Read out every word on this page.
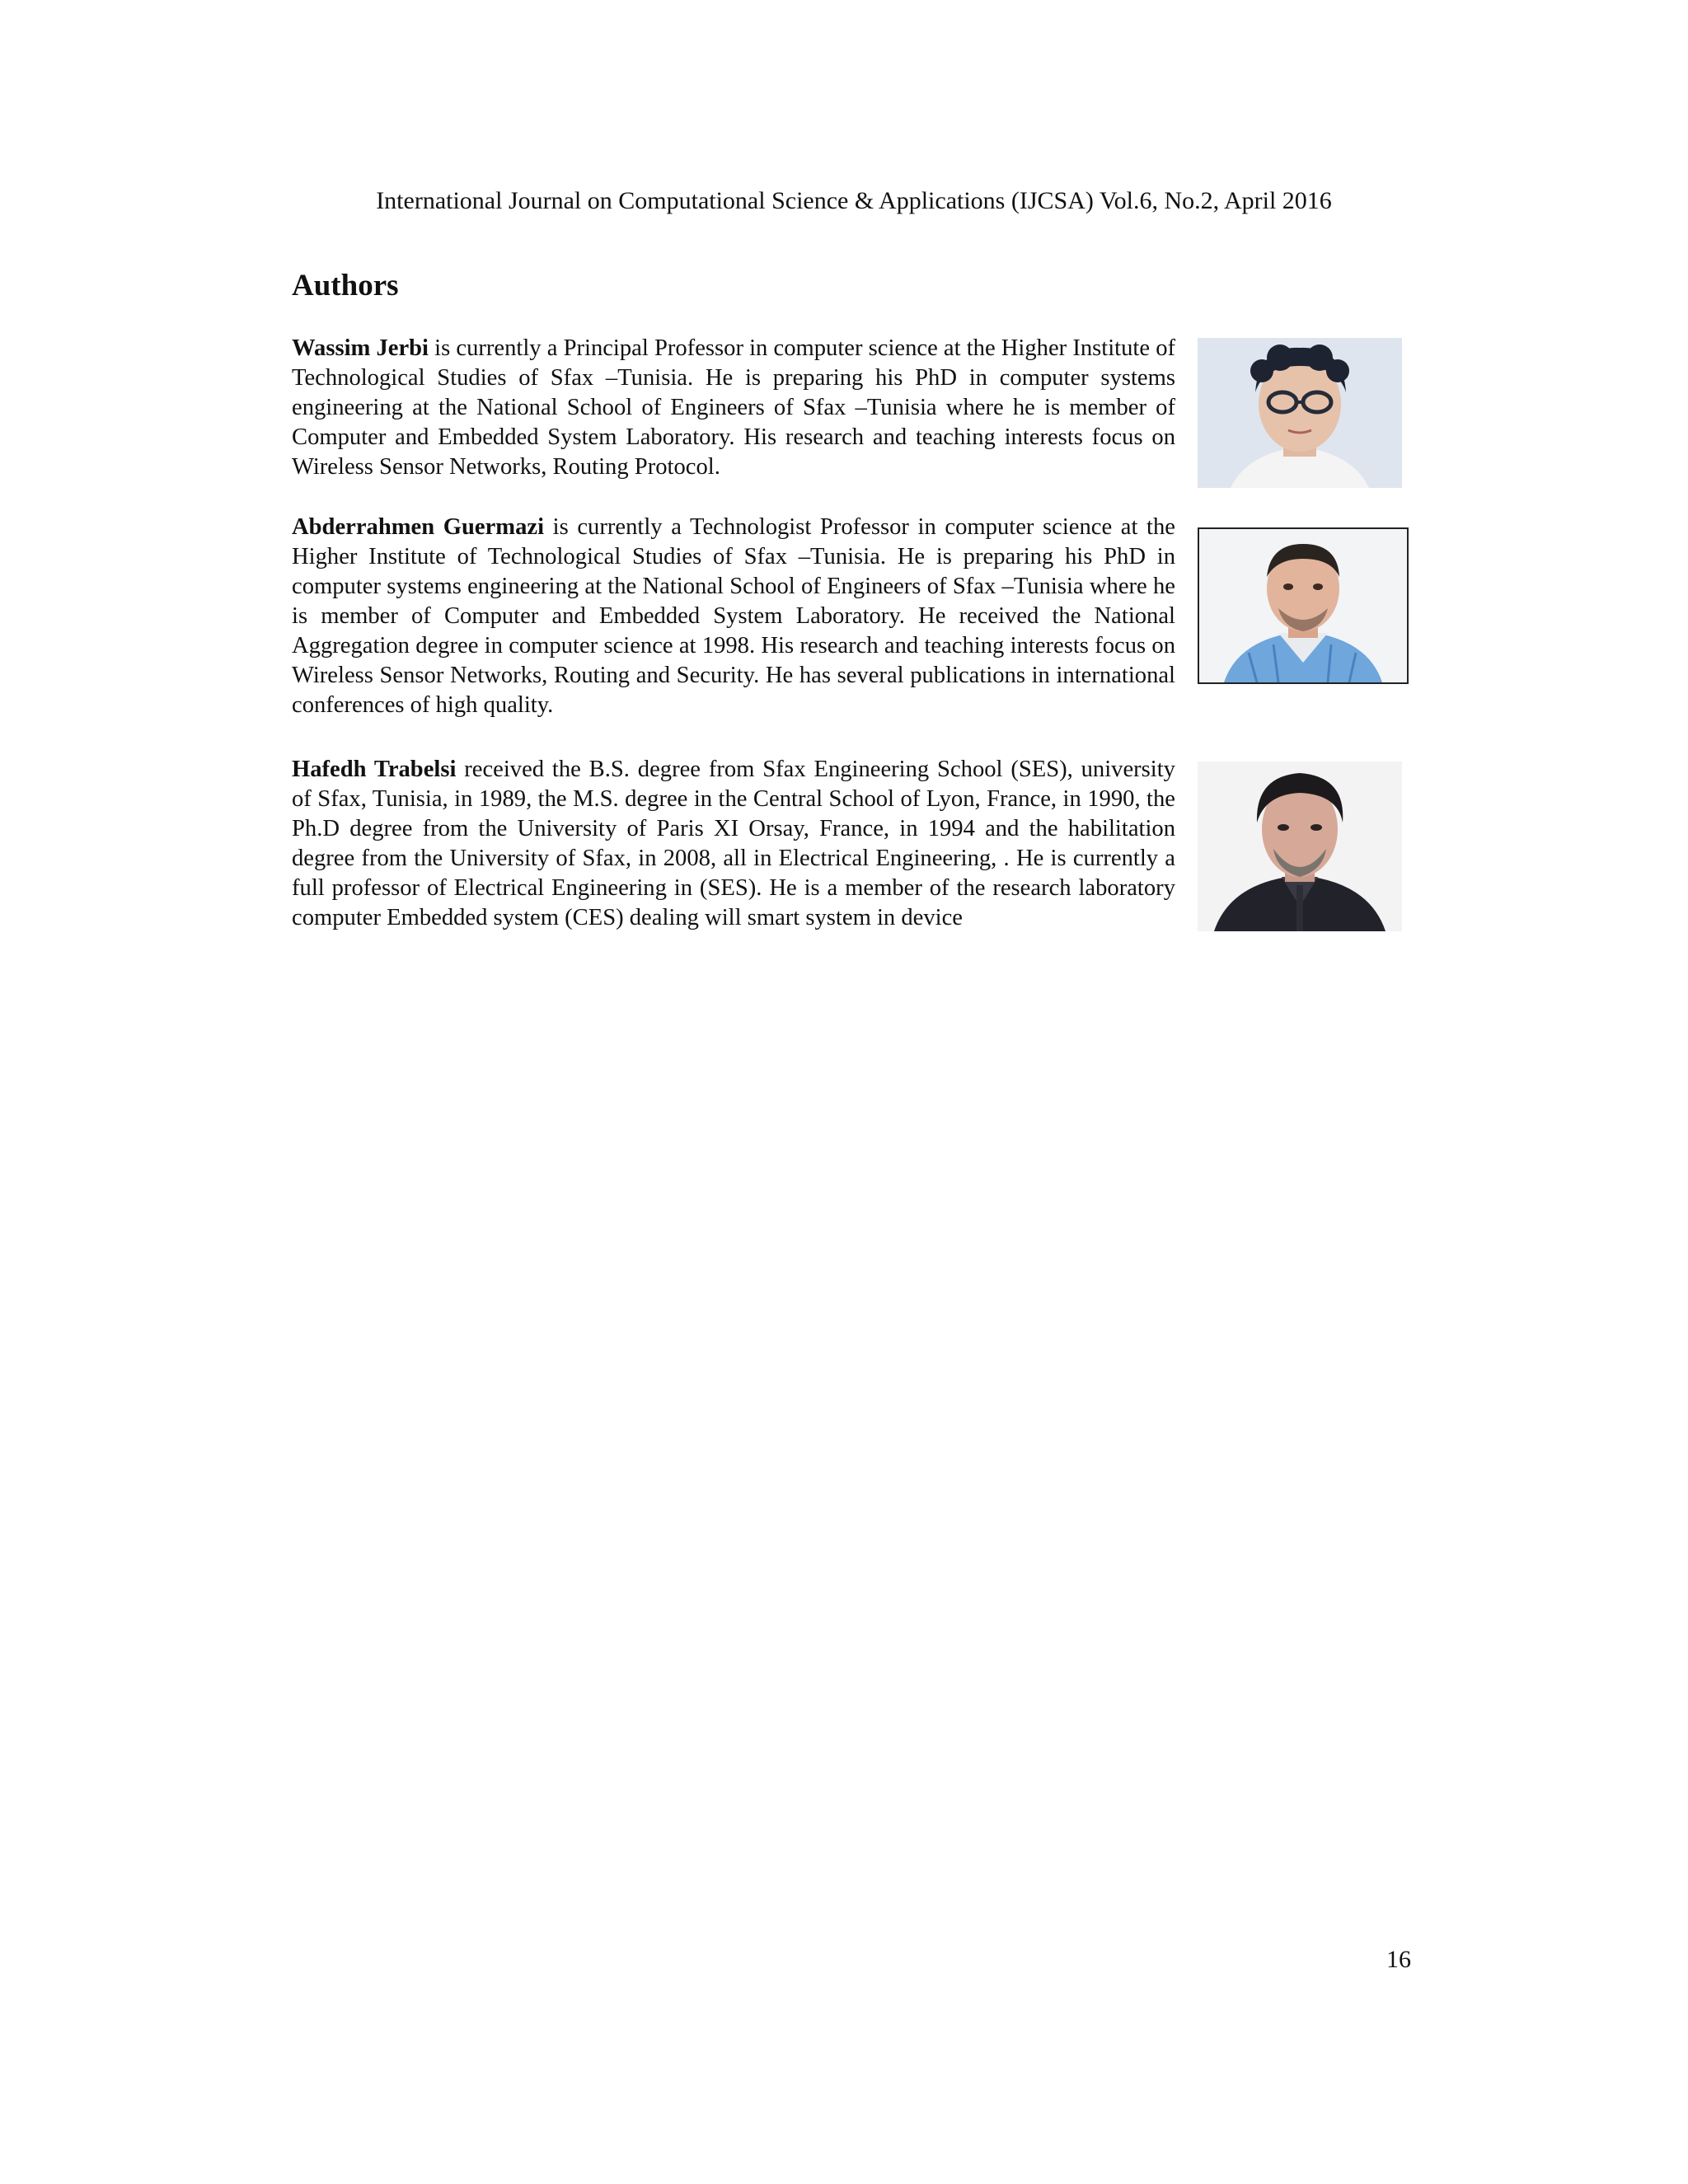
International Journal on Computational Science & Applications (IJCSA) Vol.6, No.2, April 2016
Authors

Wassim Jerbi is currently a Principal Professor in computer science at the Higher Institute of Technological Studies of Sfax –Tunisia. He is preparing his PhD in computer systems engineering at the National School of Engineers of Sfax –Tunisia where he is member of Computer and Embedded System Laboratory. His research and teaching interests focus on Wireless Sensor Networks, Routing Protocol.

Abderrahmen Guermazi is currently a Technologist Professor in computer science at the Higher Institute of Technological Studies of Sfax –Tunisia. He is preparing his PhD in computer systems engineering at the National School of Engineers of Sfax –Tunisia where he is member of Computer and Embedded System Laboratory. He received the National Aggregation degree in computer science at 1998. His research and teaching interests focus on Wireless Sensor Networks, Routing and Security. He has several publications in international conferences of high quality.

Hafedh Trabelsi received the B.S. degree from Sfax Engineering School (SES), university of Sfax, Tunisia, in 1989, the M.S. degree in the Central School of Lyon, France, in 1990, the Ph.D degree from the University of Paris XI Orsay, France, in 1994 and the habilitation degree from the University of Sfax, in 2008, all in Electrical Engineering, . He is currently a full professor of Electrical Engineering in (SES). He is a member of the research laboratory computer Embedded system (CES) dealing will smart system in device

16
